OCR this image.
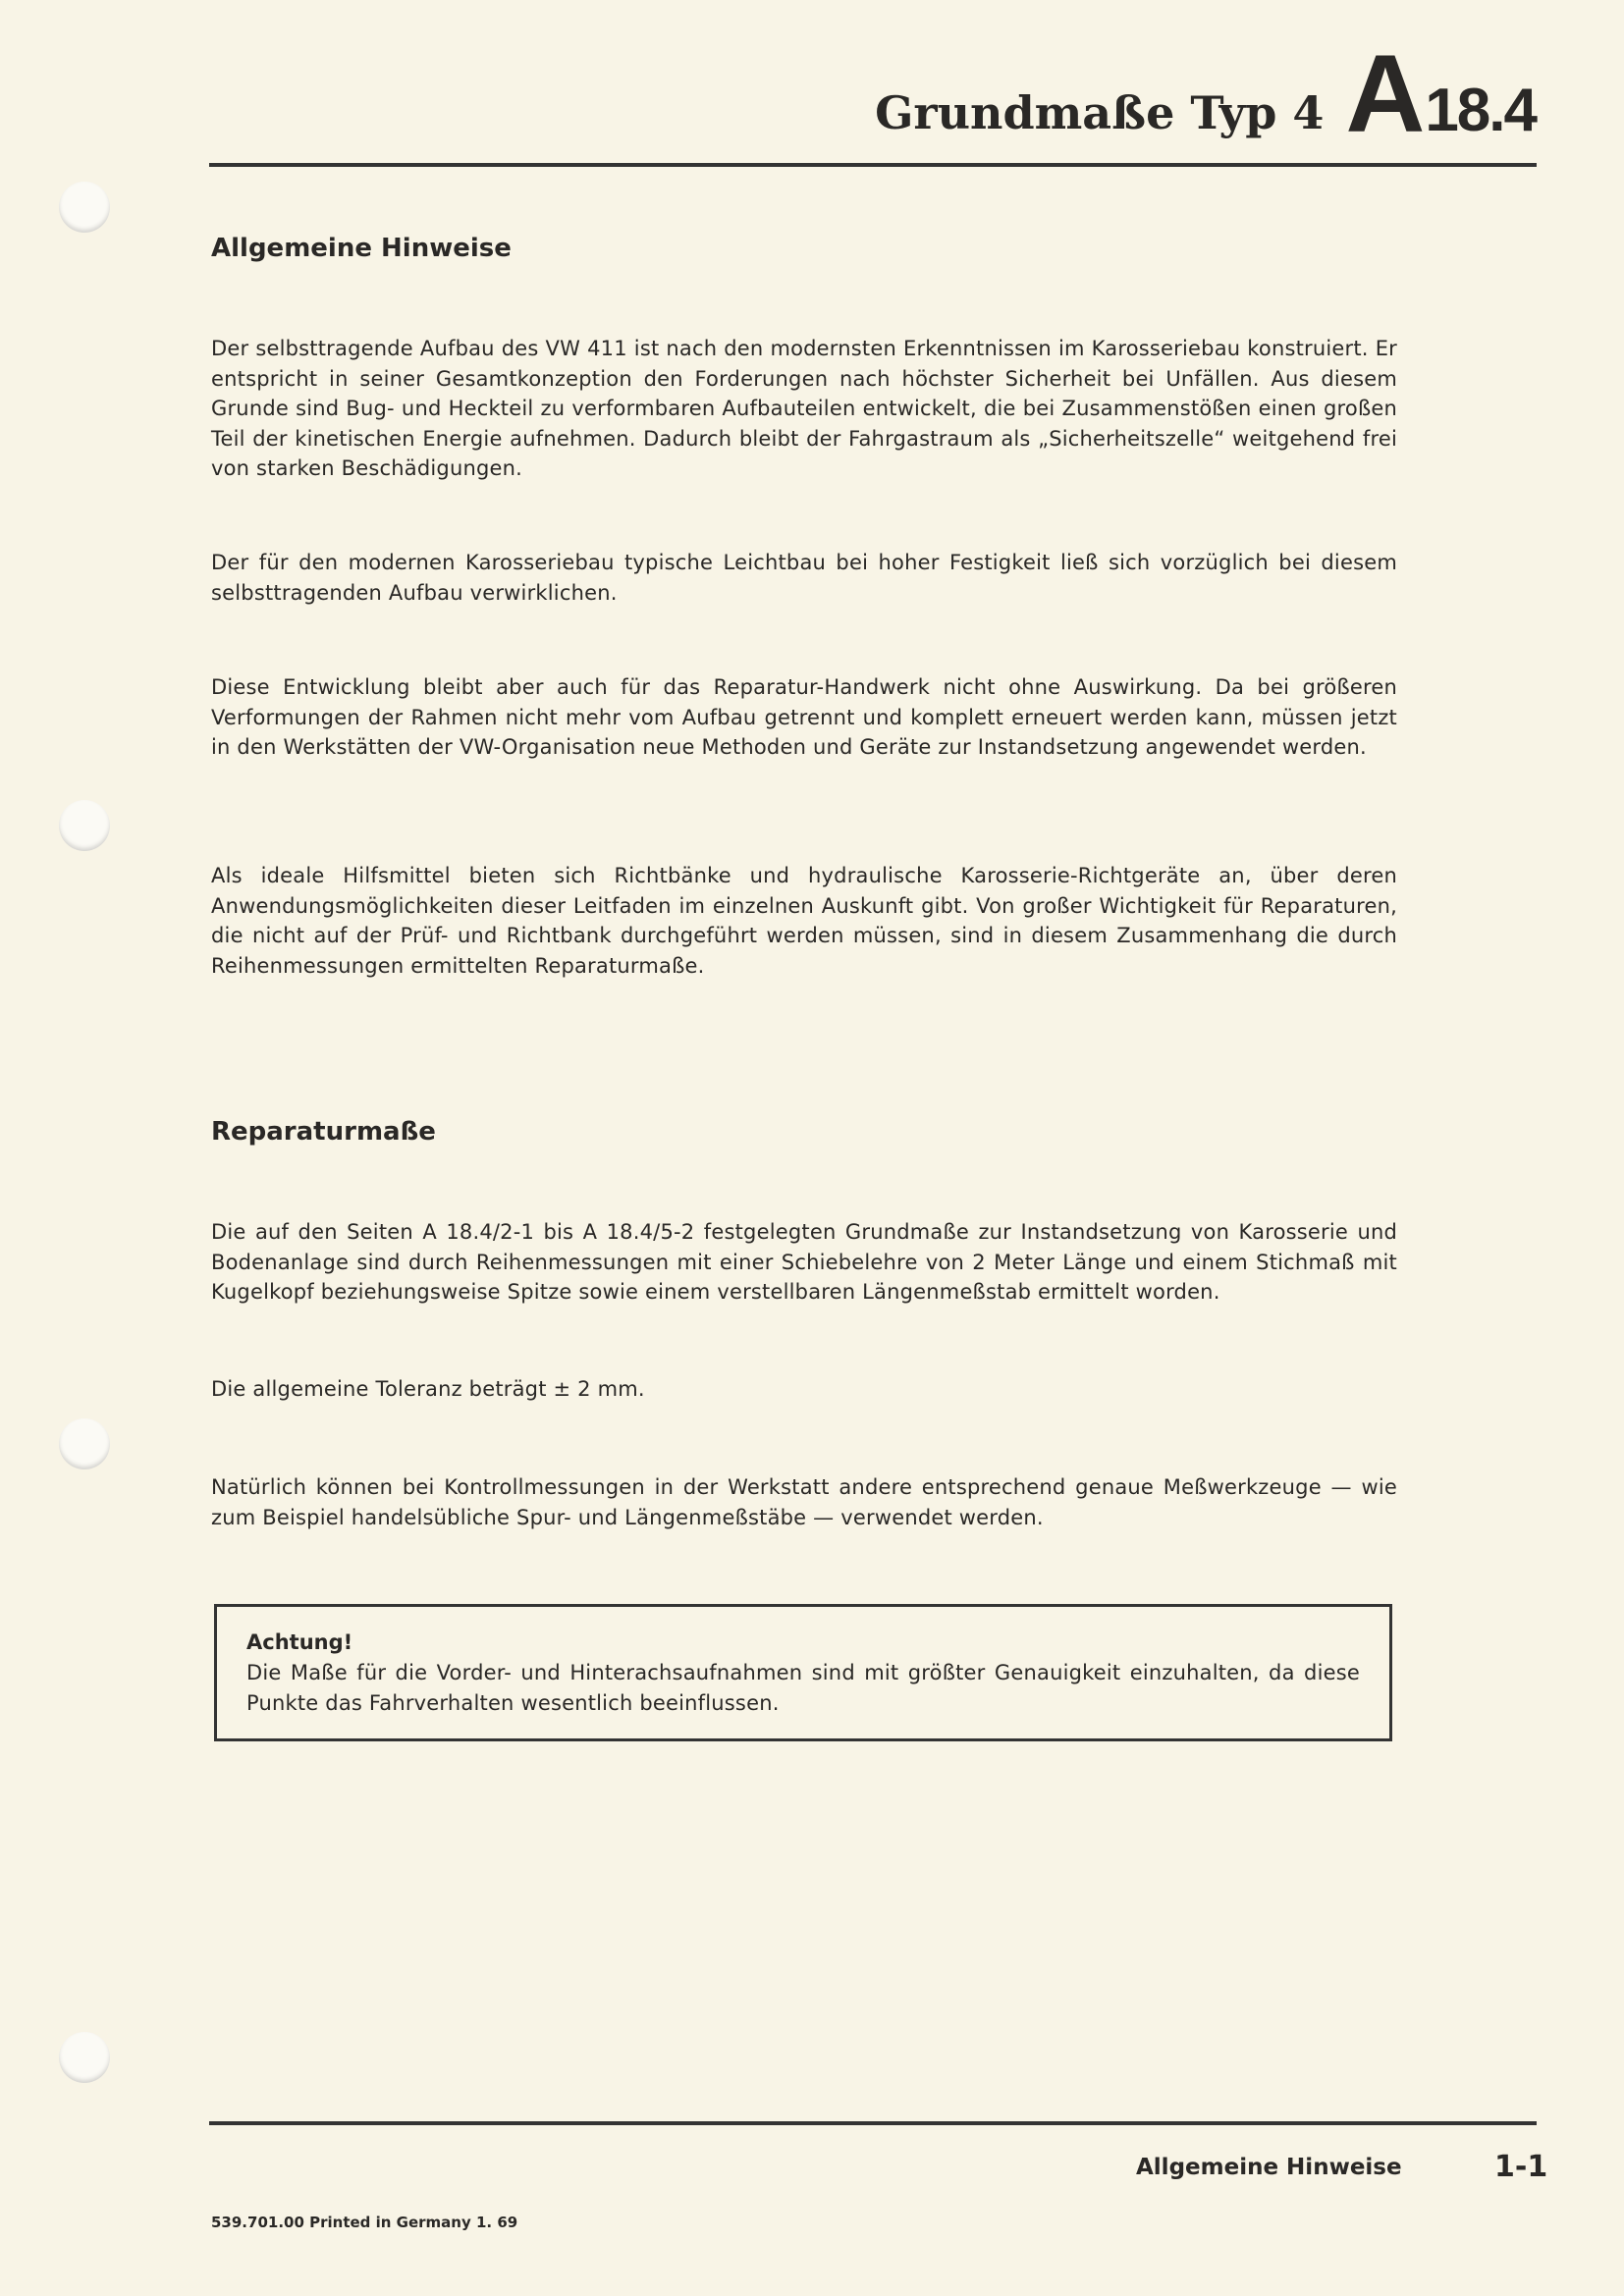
Grundmaße Typ 4 A 18.4
Allgemeine Hinweise

Der selbsttragende Aufbau des VW 411 ist nach den modernsten Erkenntnissen im Karosseriebau konstruiert. Er entspricht in seiner Gesamtkonzeption den Forderungen nach höchster Sicherheit bei Unfällen. Aus diesem Grunde sind Bug- und Heckteil zu verformbaren Aufbauteilen entwickelt, die bei Zusammenstößen einen großen Teil der kinetischen Energie aufnehmen. Dadurch bleibt der Fahrgastraum als „Sicherheitszelle“ weitgehend frei von starken Beschädigungen.

Der für den modernen Karosseriebau typische Leichtbau bei hoher Festigkeit ließ sich vorzüglich bei diesem selbsttragenden Aufbau verwirklichen.

Diese Entwicklung bleibt aber auch für das Reparatur-Handwerk nicht ohne Auswirkung. Da bei größeren Verformungen der Rahmen nicht mehr vom Aufbau getrennt und komplett erneuert werden kann, müssen jetzt in den Werkstätten der VW-Organisation neue Methoden und Geräte zur Instandsetzung angewendet werden.

Als ideale Hilfsmittel bieten sich Richtbänke und hydraulische Karosserie-Richtgeräte an, über deren Anwendungsmöglichkeiten dieser Leitfaden im einzelnen Auskunft gibt. Von großer Wichtigkeit für Reparaturen, die nicht auf der Prüf- und Richtbank durchgeführt werden müssen, sind in diesem Zusammenhang die durch Reihenmessungen ermittelten Reparaturmaße.

Reparaturmaße

Die auf den Seiten A 18.4/2-1 bis A 18.4/5-2 festgelegten Grundmaße zur Instandsetzung von Karosserie und Bodenanlage sind durch Reihenmessungen mit einer Schiebelehre von 2 Meter Länge und einem Stichmaß mit Kugelkopf beziehungsweise Spitze sowie einem verstellbaren Längenmeßstab ermittelt worden.

Die allgemeine Toleranz beträgt ± 2 mm.

Natürlich können bei Kontrollmessungen in der Werkstatt andere entsprechend genaue Meßwerkzeuge — wie zum Beispiel handelsübliche Spur- und Längenmeßstäbe — verwendet werden.

Achtung!

Die Maße für die Vorder- und Hinterachsaufnahmen sind mit größter Genauigkeit einzuhalten, da diese Punkte das Fahrverhalten wesentlich beeinflussen.

Allgemeine Hinweise	1-1
539.701.00 Printed in Germany 1. 69
